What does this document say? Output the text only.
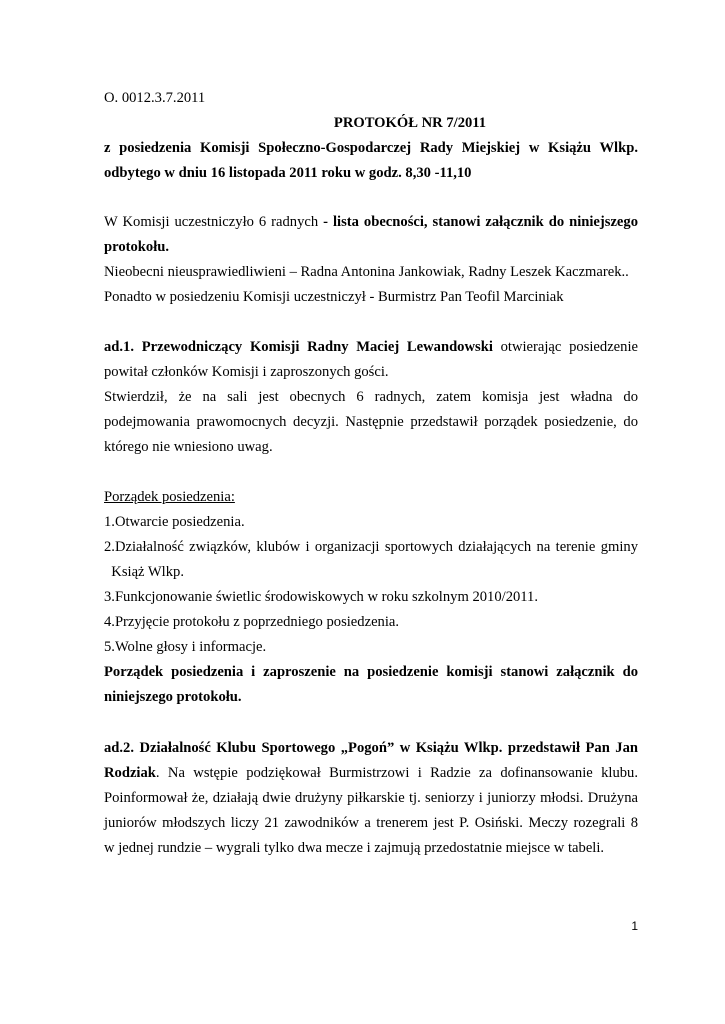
O. 0012.3.7.2011
PROTOKÓŁ NR 7/2011
z posiedzenia Komisji Społeczno-Gospodarczej Rady Miejskiej w Książu Wlkp.
odbytego w dniu 16 listopada 2011 roku w godz. 8,30 -11,10
W Komisji uczestniczyło 6 radnych - lista obecności, stanowi załącznik do niniejszego
protokołu.
Nieobecni nieusprawiedliwieni – Radna Antonina Jankowiak, Radny Leszek Kaczmarek..
Ponadto w posiedzeniu Komisji uczestniczył - Burmistrz Pan Teofil Marciniak
ad.1. Przewodniczący Komisji Radny Maciej Lewandowski otwierając posiedzenie
powitał członków Komisji i zaproszonych gości.
Stwierdził, że na sali jest obecnych 6 radnych, zatem komisja jest władna do
podejmowania prawomocnych decyzji. Następnie przedstawił porządek posiedzenie, do
którego nie wniesiono uwag.
Porządek posiedzenia:
1.Otwarcie posiedzenia.
2.Działalność związków, klubów i organizacji sportowych działających na terenie gminy
Książ Wlkp.
3.Funkcjonowanie świetlic środowiskowych w roku szkolnym 2010/2011.
4.Przyjęcie protokołu z poprzedniego posiedzenia.
5.Wolne głosy i informacje.
Porządek posiedzenia i zaproszenie na posiedzenie komisji stanowi załącznik do
niniejszego protokołu.
ad.2. Działalność Klubu Sportowego „Pogoń” w Książu Wlkp. przedstawił Pan Jan
Rodziak. Na wstępie podziękował Burmistrzowi i Radzie za dofinansowanie klubu.
Poinformował że, działają dwie drużyny piłkarskie tj. seniorzy i juniorzy młodsi. Drużyna
juniorów młodszych liczy 21 zawodników a trenerem jest P. Osiński. Meczy rozegrali 8
w jednej rundzie – wygrali tylko dwa mecze i zajmują przedostatnie miejsce w tabeli.
1
